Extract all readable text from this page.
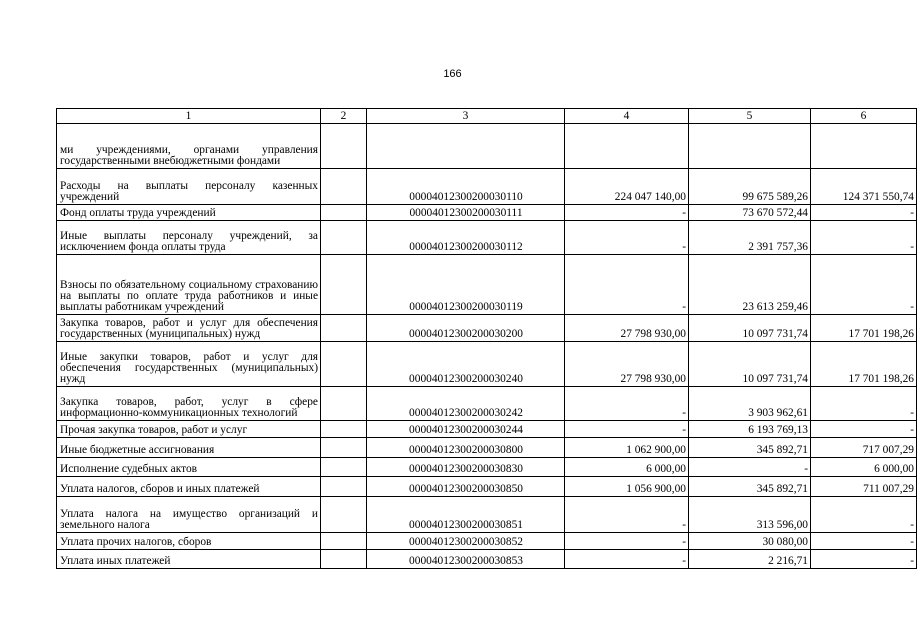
166
1	2	3	4	5	6
ми учреждениями, органами управления государственными внебюджетными фондами					
Расходы на выплаты персоналу казенных учреждений		00004012300200030110	224 047 140,00	99 675 589,26	124 371 550,74
Фонд оплаты труда учреждений		00004012300200030111	-	73 670 572,44	-
Иные выплаты персоналу учреждений, за исключением фонда оплаты труда		00004012300200030112	-	2 391 757,36	-
Взносы по обязательному социальному страхованию на выплаты по оплате труда работников и иные выплаты работникам учреждений		00004012300200030119	-	23 613 259,46	-
Закупка товаров, работ и услуг для обеспечения государственных (муниципальных) нужд		00004012300200030200	27 798 930,00	10 097 731,74	17 701 198,26
Иные закупки товаров, работ и услуг для обеспечения государственных (муниципальных) нужд		00004012300200030240	27 798 930,00	10 097 731,74	17 701 198,26
Закупка товаров, работ, услуг в сфере информационно-коммуникационных технологий		00004012300200030242	-	3 903 962,61	-
Прочая закупка товаров, работ и услуг		00004012300200030244	-	6 193 769,13	-
Иные бюджетные ассигнования		00004012300200030800	1 062 900,00	345 892,71	717 007,29
Исполнение судебных актов		00004012300200030830	6 000,00	-	6 000,00
Уплата налогов, сборов и иных платежей		00004012300200030850	1 056 900,00	345 892,71	711 007,29
Уплата налога на имущество организаций и земельного налога		00004012300200030851	-	313 596,00	-
Уплата прочих налогов, сборов		00004012300200030852	-	30 080,00	-
Уплата иных платежей		00004012300200030853	-	2 216,71	-
